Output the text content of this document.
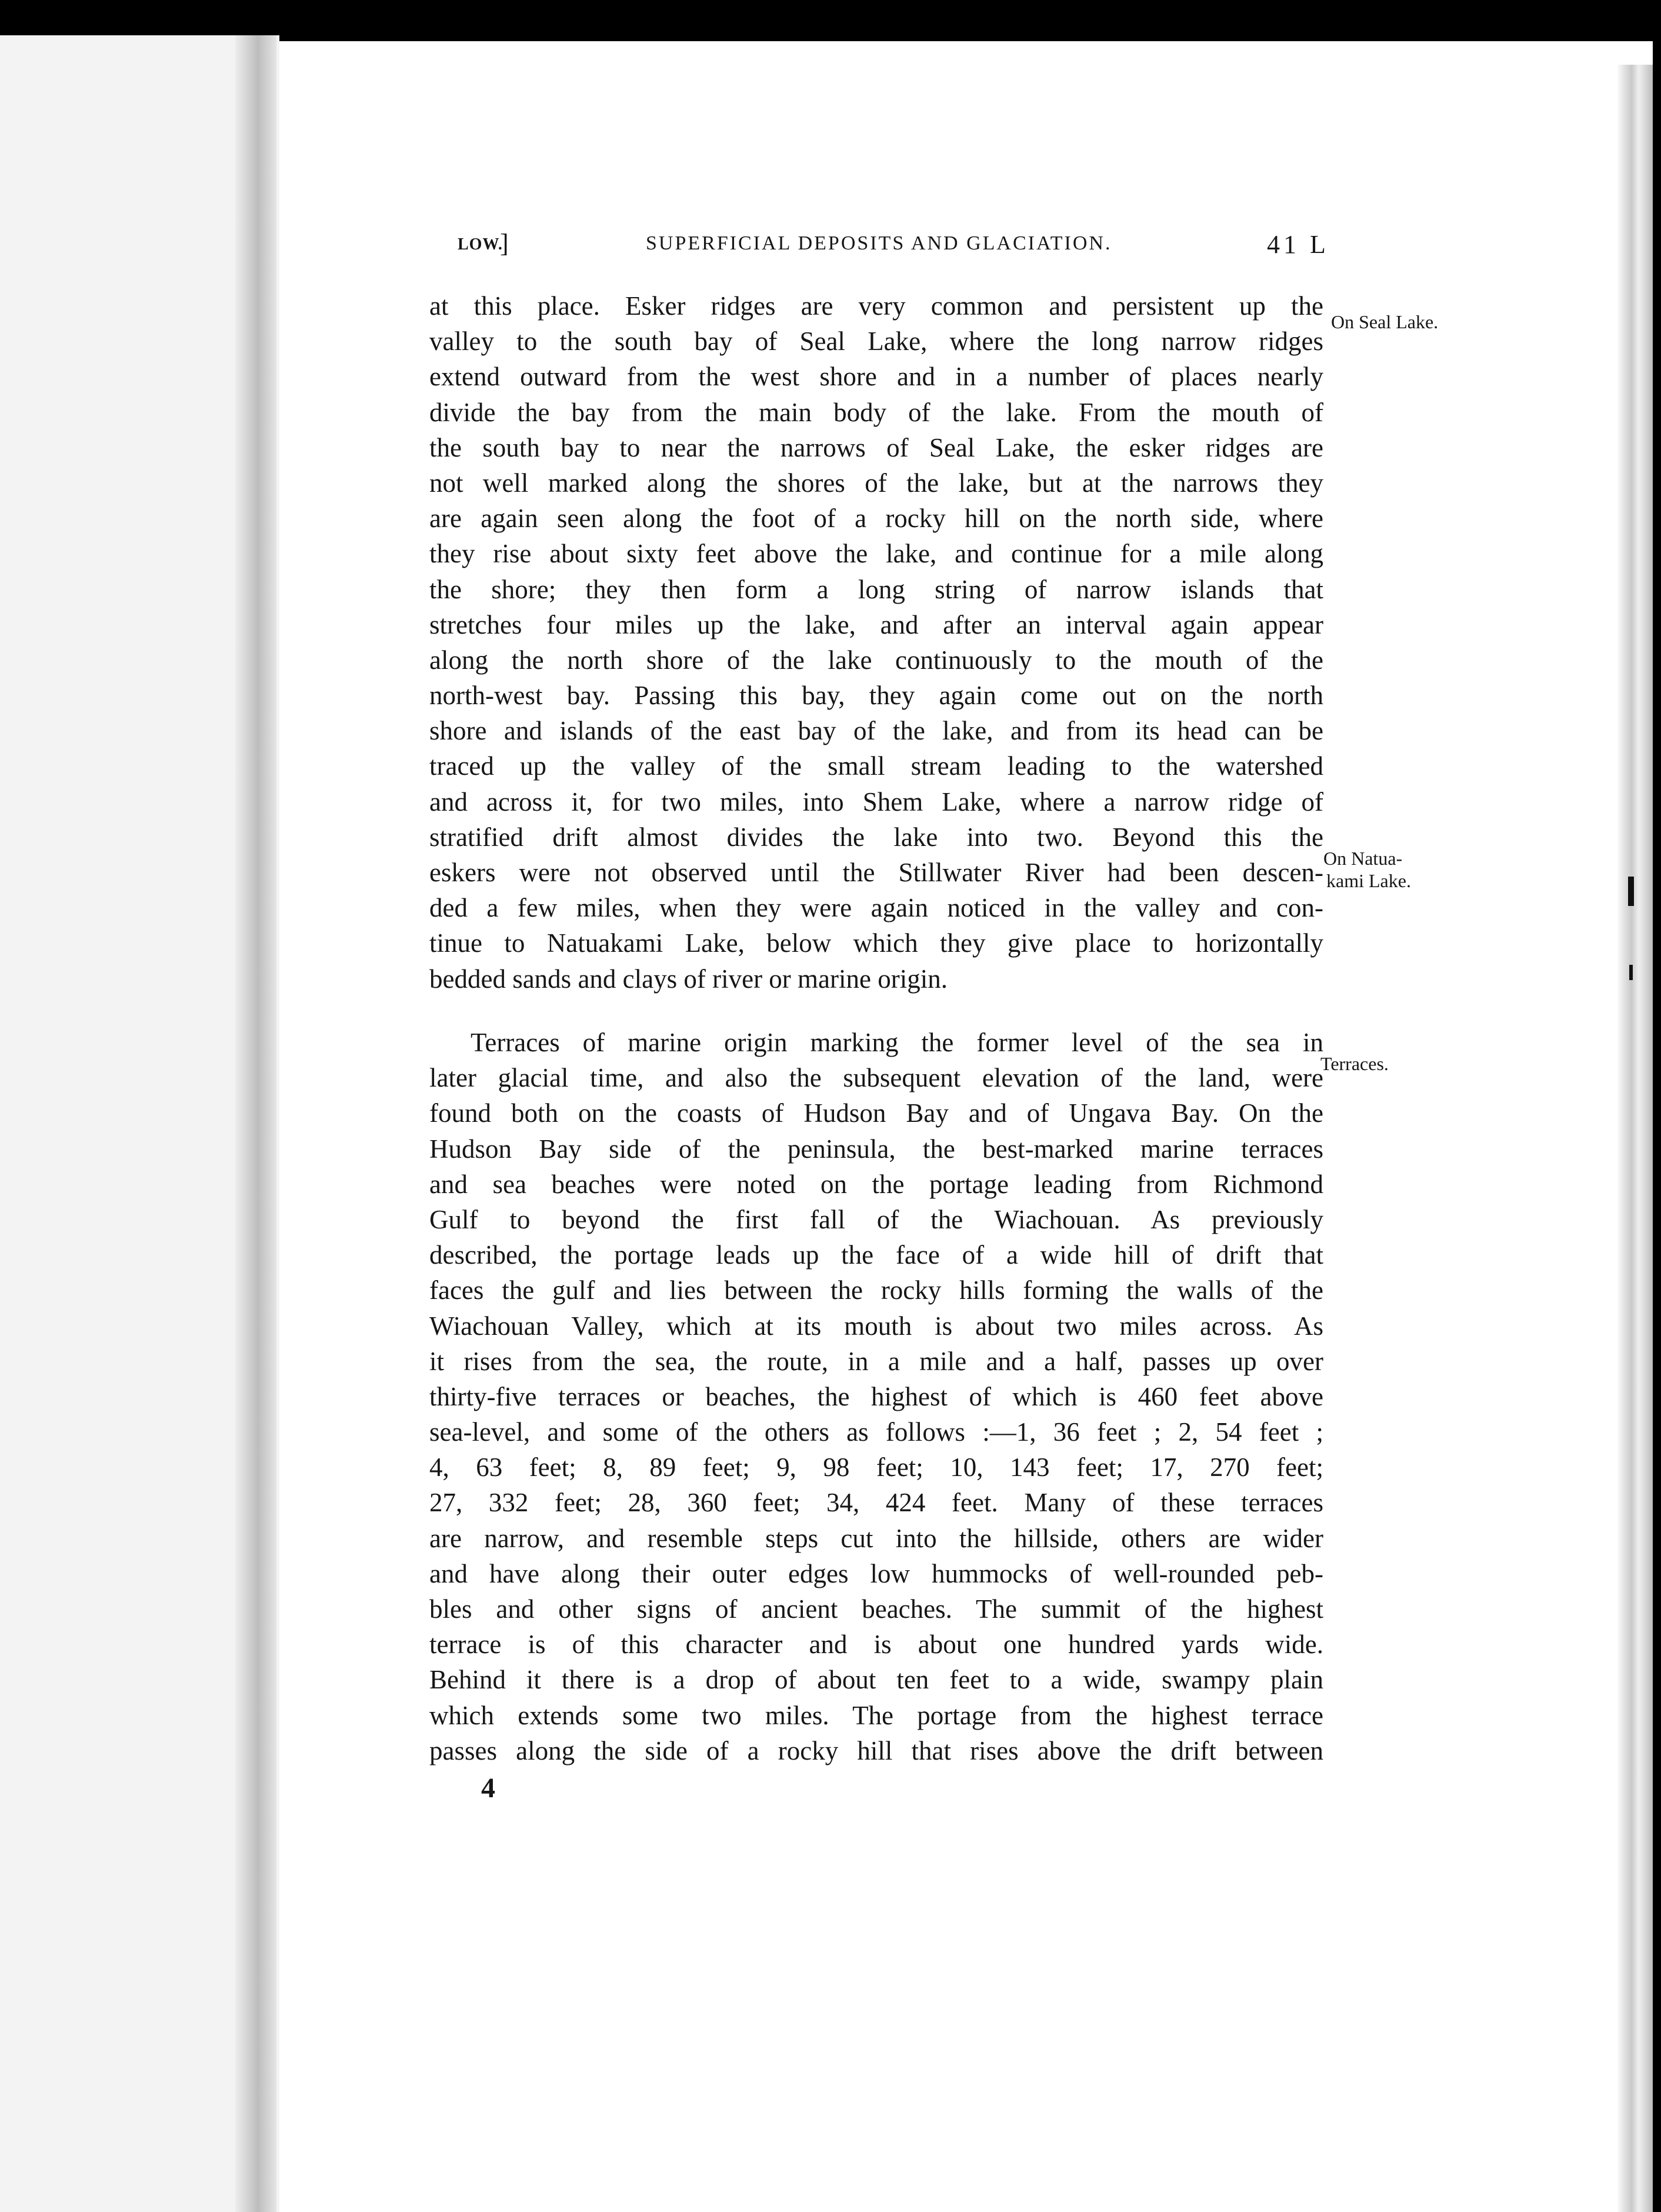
LOW.
]	SUPERFICIAL DEPOSITS AND GLACIATION.	41 L
at this place. Esker ridges are very common and persistent up the
valley to the south bay of Seal Lake, where the long narrow ridges
extend outward from the west shore and in a number of places nearly
divide the bay from the main body of the lake. From the mouth of
the south bay to near the narrows of Seal Lake, the esker ridges are
not well marked along the shores of the lake, but at the narrows they
are again seen along the foot of a rocky hill on the north side, where
they rise about sixty feet above the lake, and continue for a mile along
the shore; they then form a long string of narrow islands that
stretches four miles up the lake, and after an interval again appear
along the north shore of the lake continuously to the mouth of the
north-west bay. Passing this bay, they again come out on the north
shore and islands of the east bay of the lake, and from its head can be
traced up the valley of the small stream leading to the watershed
and across it, for two miles, into Shem Lake, where a narrow ridge of
stratified drift almost divides the lake into two. Beyond this the
eskers were not observed until the Stillwater River had been descen-
ded a few miles, when they were again noticed in the valley and con-
tinue to Natuakami Lake, below which they give place to horizontally
bedded sands and clays of river or marine origin.
Terraces of marine origin marking the former level of the sea in
later glacial time, and also the subsequent elevation of the land, were
found both on the coasts of Hudson Bay and of Ungava Bay. On the
Hudson Bay side of the peninsula, the best-marked marine terraces
and sea beaches were noted on the portage leading from Richmond
Gulf to beyond the first fall of the Wiachouan. As previously
described, the portage leads up the face of a wide hill of drift that
faces the gulf and lies between the rocky hills forming the walls of the
Wiachouan Valley, which at its mouth is about two miles across. As
it rises from the sea, the route, in a mile and a half, passes up over
thirty-five terraces or beaches, the highest of which is 460 feet above
sea-level, and some of the others as follows :—1, 36 feet ; 2, 54 feet ;
4, 63 feet; 8, 89 feet; 9, 98 feet; 10, 143 feet; 17, 270 feet;
27, 332 feet; 28, 360 feet; 34, 424 feet. Many of these terraces
are narrow, and resemble steps cut into the hillside, others are wider
and have along their outer edges low hummocks of well-rounded peb-
bles and other signs of ancient beaches. The summit of the highest
terrace is of this character and is about one hundred yards wide.
Behind it there is a drop of about ten feet to a wide, swampy plain
which extends some two miles. The portage from the highest terrace
passes along the side of a rocky hill that rises above the drift between
On Seal Lake.
On Natua-
kami Lake.
Terraces.
4
